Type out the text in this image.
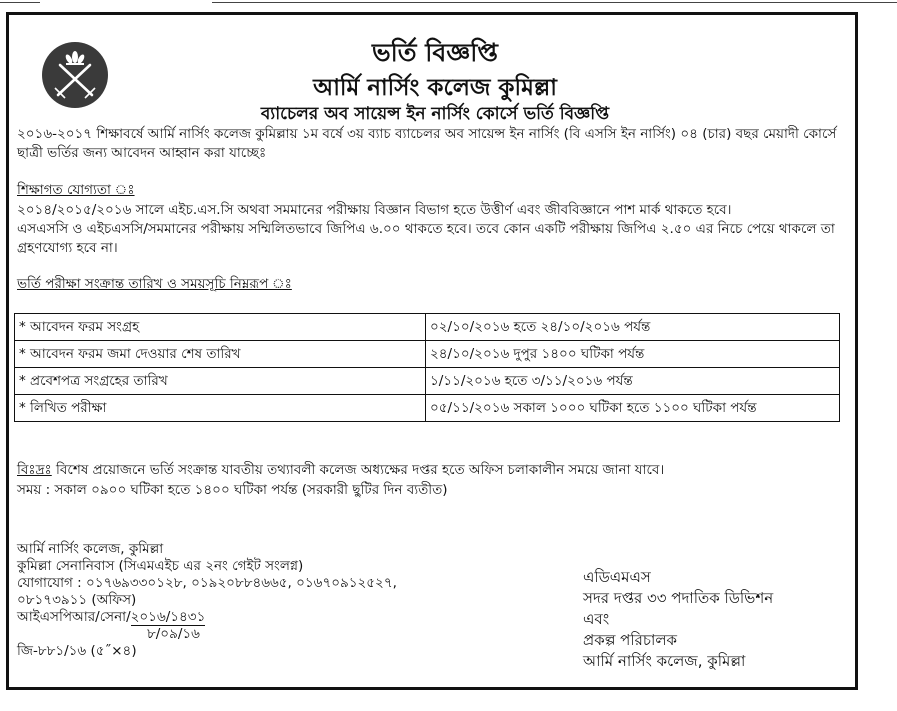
ভর্তি বিজ্ঞপ্তি
আর্মি নার্সিং কলেজ কুমিল্লা
ব্যাচেলর অব সায়েন্স ইন নার্সিং কোর্সে ভর্তি বিজ্ঞপ্তি

২০১৬-২০১৭ শিক্ষাবর্ষে আর্মি নার্সিং কলেজ কুমিল্লায় ১ম বর্ষে ৩য় ব্যাচ ব্যাচেলর অব সায়েন্স ইন নার্সিং (বি এসসি ইন নার্সিং) ০৪ (চার) বছর মেয়াদী কোর্সে ছাত্রী ভর্তির জন্য আবেদন আহ্বান করা যাচ্ছেঃ

শিক্ষাগত যোগ্যতা ঃ

২০১৪/২০১৫/২০১৬ সালে এইচ.এস.সি অথবা সমমানের পরীক্ষায় বিজ্ঞান বিভাগ হতে উত্তীর্ণ এবং জীববিজ্ঞানে পাশ মার্ক থাকতে হবে।

এসএসসি ও এইচএসসি/সমমানের পরীক্ষায় সম্মিলিতভাবে জিপিএ ৬.০০ থাকতে হবে। তবে কোন একটি পরীক্ষায় জিপিএ ২.৫০ এর নিচে পেয়ে থাকলে তা গ্রহণযোগ্য হবে না।

ভর্তি পরীক্ষা সংক্রান্ত তারিখ ও সময়সূচি নিম্নরূপ ঃ

* আবেদন ফরম সংগ্রহ	০২/১০/২০১৬ হতে ২৪/১০/২০১৬ পর্যন্ত
* আবেদন ফরম জমা দেওয়ার শেষ তারিখ	২৪/১০/২০১৬ দুপুর ১৪০০ ঘটিকা পর্যন্ত
* প্রবেশপত্র সংগ্রহের তারিখ	১/১১/২০১৬ হতে ৩/১১/২০১৬ পর্যন্ত
* লিখিত পরীক্ষা	০৫/১১/২০১৬ সকাল ১০০০ ঘটিকা হতে ১১০০ ঘটিকা পর্যন্ত

বিঃদ্রঃ বিশেষ প্রয়োজনে ভর্তি সংক্রান্ত যাবতীয় তথ্যাবলী কলেজ অধ্যক্ষের দপ্তর হতে অফিস চলাকালীন সময়ে জানা যাবে।

সময় : সকাল ০৯০০ ঘটিকা হতে ১৪০০ ঘটিকা পর্যন্ত (সরকারী ছুটির দিন ব্যতীত)

আর্মি নার্সিং কলেজ, কুমিল্লা
কুমিল্লা সেনানিবাস (সিএমএইচ এর ২নং গেইট সংলগ্ন)
যোগাযোগ : ০১৭৬৯৩৩০১২৮, ০১৯২০৮৮৪৬৬৫, ০১৬৭০৯১২৫২৭,
০৮১৭৩৯১১ (অফিস)
আইএসপিআর/সেনা/২০১৬/১৪৩১
৮/০৯/১৬
জি-৮৮১/১৬ (৫˝×৪)
এডিএমএস
সদর দপ্তর ৩৩ পদাতিক ডিভিশন
এবং
প্রকল্প পরিচালক
আর্মি নার্সিং কলেজ, কুমিল্লা
